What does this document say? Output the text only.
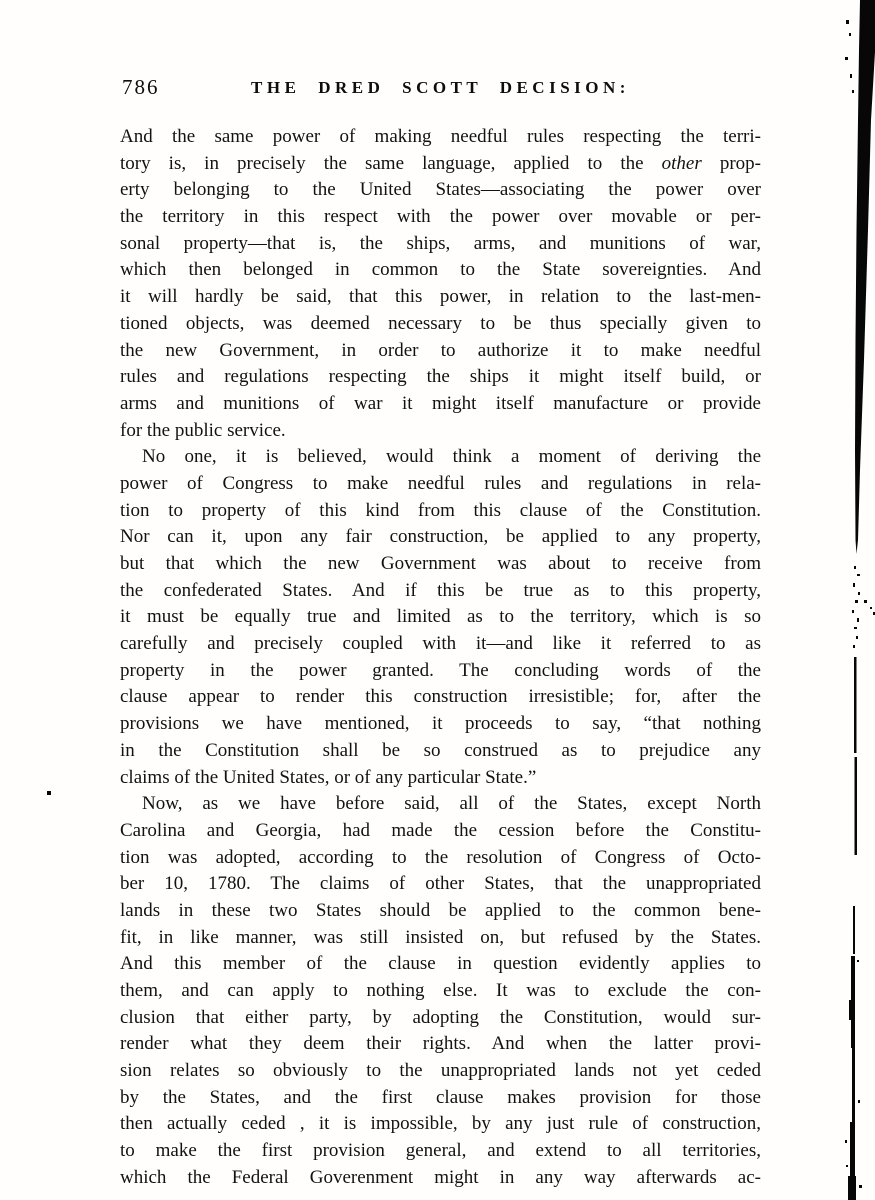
786	THE DRED SCOTT DECISION:
And the same power of making needful rules respecting the terri-
tory is, in precisely the same language, applied to the other prop-
erty belonging to the United States—associating the power over
the territory in this respect with the power over movable or per-
sonal property—that is, the ships, arms, and munitions of war,
which then belonged in common to the State sovereignties. And
it will hardly be said, that this power, in relation to the last-men-
tioned objects, was deemed necessary to be thus specially given to
the new Government, in order to authorize it to make needful
rules and regulations respecting the ships it might itself build, or
arms and munitions of war it might itself manufacture or provide
for the public service.
No one, it is believed, would think a moment of deriving the
power of Congress to make needful rules and regulations in rela-
tion to property of this kind from this clause of the Constitution.
Nor can it, upon any fair construction, be applied to any property,
but that which the new Government was about to receive from
the confederated States. And if this be true as to this property,
it must be equally true and limited as to the territory, which is so
carefully and precisely coupled with it—and like it referred to as
property in the power granted. The concluding words of the
clause appear to render this construction irresistible; for, after the
provisions we have mentioned, it proceeds to say, “that nothing
in the Constitution shall be so construed as to prejudice any
claims of the United States, or of any particular State.”
Now, as we have before said, all of the States, except North
Carolina and Georgia, had made the cession before the Constitu-
tion was adopted, according to the resolution of Congress of Octo-
ber 10, 1780. The claims of other States, that the unappropriated
lands in these two States should be applied to the common bene-
fit, in like manner, was still insisted on, but refused by the States.
And this member of the clause in question evidently applies to
them, and can apply to nothing else. It was to exclude the con-
clusion that either party, by adopting the Constitution, would sur-
render what they deem their rights. And when the latter provi-
sion relates so obviously to the unappropriated lands not yet ceded
by the States, and the first clause makes provision for those
then actually ceded , it is impossible, by any just rule of construction,
to make the first provision general, and extend to all territories,
which the Federal Goverenment might in any way afterwards ac-
